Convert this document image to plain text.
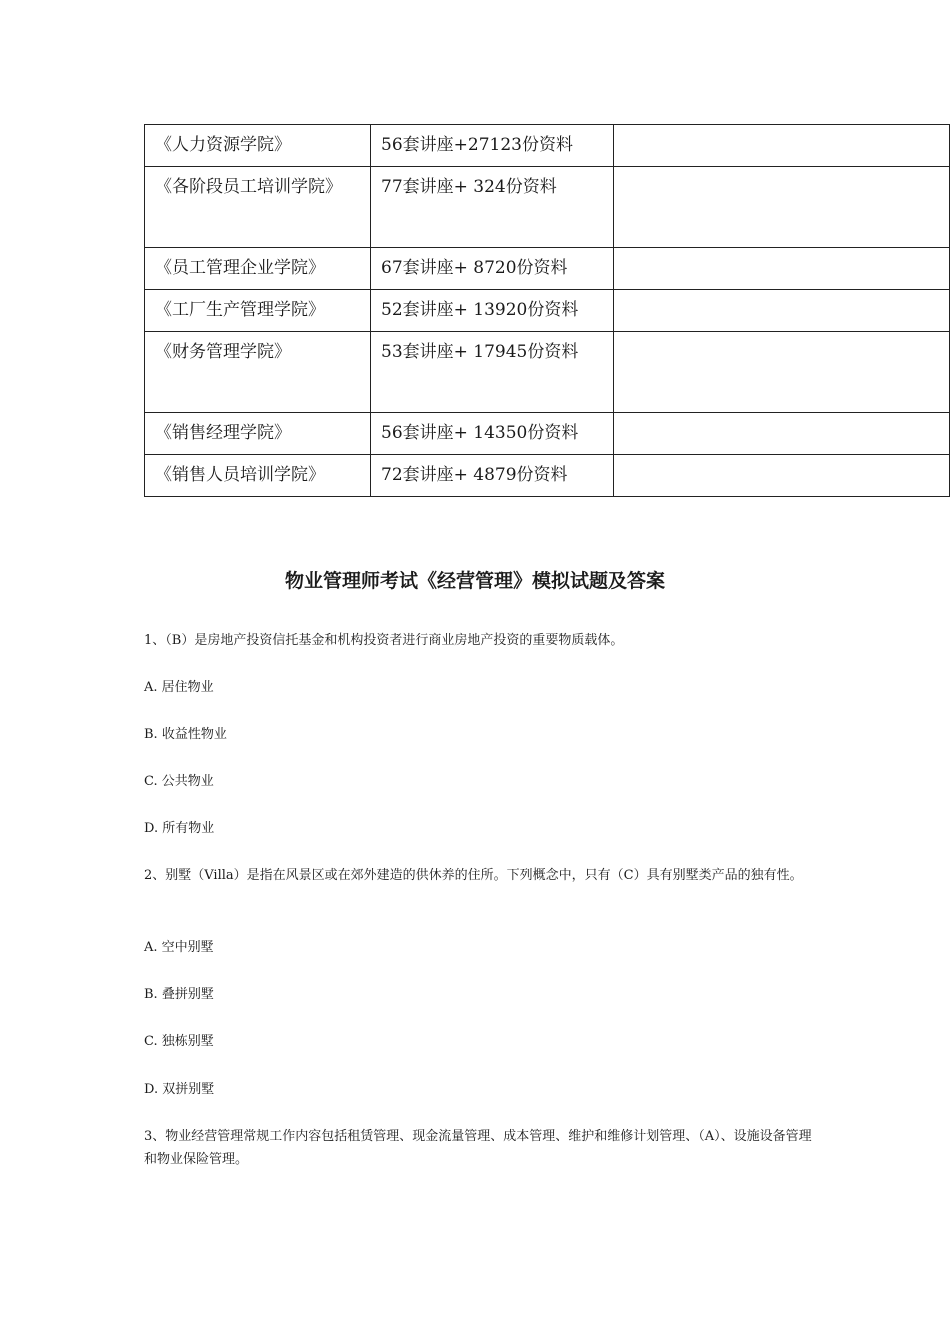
《人力资源学院》	56套讲座+27123份资料	
《各阶段员工培训学院》	77套讲座+ 324份资料	
《员工管理企业学院》	67套讲座+ 8720份资料	
《工厂生产管理学院》	52套讲座+ 13920份资料	
《财务管理学院》	53套讲座+ 17945份资料	
《销售经理学院》	56套讲座+ 14350份资料	
《销售人员培训学院》	72套讲座+ 4879份资料	
物业管理师考试《经营管理》模拟试题及答案
1、（B）是房地产投资信托基金和机构投资者进行商业房地产投资的重要物质载体。
A. 居住物业
B. 收益性物业
C. 公共物业
D. 所有物业
2、别墅（Villa）是指在风景区或在郊外建造的供休养的住所。下列概念中，只有（C）具有别墅类产品的独有性。
A. 空中别墅
B. 叠拼别墅
C. 独栋别墅
D. 双拼别墅
3、物业经营管理常规工作内容包括租赁管理、现金流量管理、成本管理、维护和维修计划管理、（A）、设施设备管理和物业保险管理。
